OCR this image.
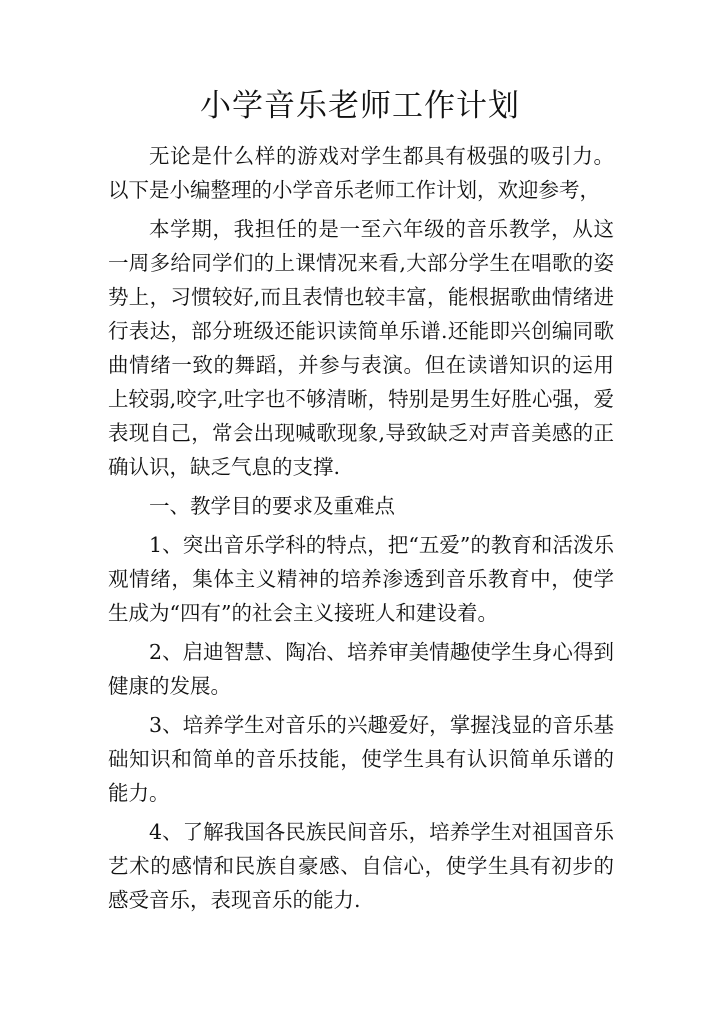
小学音乐老师工作计划

无论是什么样的游戏对学生都具有极强的吸引力。以下是小编整理的小学音乐老师工作计划，欢迎参考，

本学期，我担任的是一至六年级的音乐教学，从这一周多给同学们的上课情况来看,大部分学生在唱歌的姿势上，习惯较好,而且表情也较丰富，能根据歌曲情绪进行表达，部分班级还能识读简单乐谱.还能即兴创编同歌曲情绪一致的舞蹈，并参与表演。但在读谱知识的运用上较弱,咬字,吐字也不够清晰，特别是男生好胜心强，爱表现自己，常会出现喊歌现象,导致缺乏对声音美感的正确认识，缺乏气息的支撑.

一、教学目的要求及重难点

1、突出音乐学科的特点，把“五爱”的教育和活泼乐观情绪，集体主义精神的培养渗透到音乐教育中，使学生成为“四有”的社会主义接班人和建设着。

2、启迪智慧、陶冶、培养审美情趣使学生身心得到健康的发展。

3、培养学生对音乐的兴趣爱好，掌握浅显的音乐基础知识和简单的音乐技能，使学生具有认识简单乐谱的能力。

4、了解我国各民族民间音乐，培养学生对祖国音乐艺术的感情和民族自豪感、自信心，使学生具有初步的感受音乐，表现音乐的能力.
